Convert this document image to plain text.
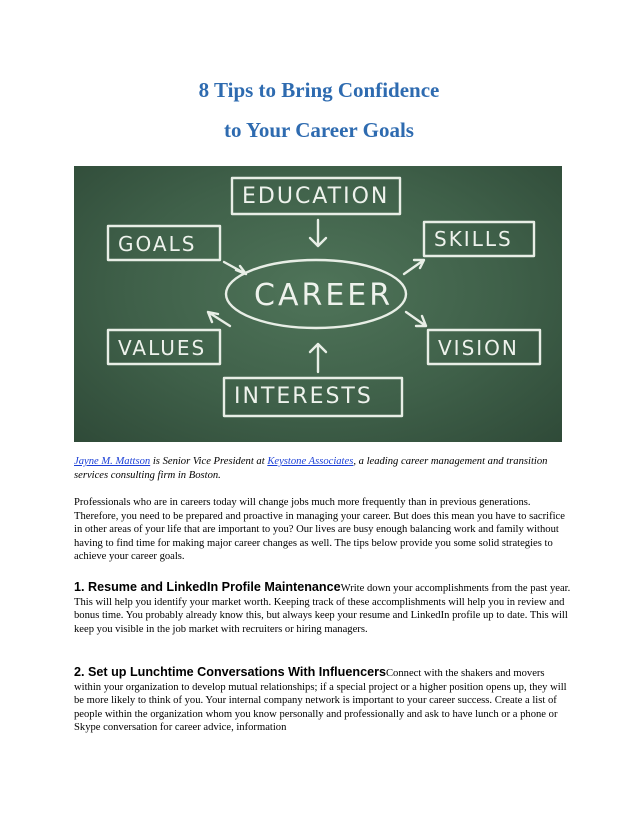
8 Tips to Bring Confidence
to Your Career Goals
EDUCATION
GOALS	SKILLS
CAREER
VALUES	VISION
INTERESTS
Jayne M. Mattson is Senior Vice President at Keystone Associates, a leading career management and transition services consulting firm in Boston.
Professionals who are in careers today will change jobs much more frequently than in previous generations. Therefore, you need to be prepared and proactive in managing your career. But does this mean you have to sacrifice in other areas of your life that are important to you? Our lives are busy enough balancing work and family without having to find time for making major career changes as well. The tips below provide you some solid strategies to achieve your career goals.
1. Resume and LinkedIn Profile MaintenanceWrite down your accomplishments from the past year. This will help you identify your market worth. Keeping track of these accomplishments will help you in review and bonus time. You probably already know this, but always keep your resume and LinkedIn profile up to date. This will keep you visible in the job market with recruiters or hiring managers.
2. Set up Lunchtime Conversations With InfluencersConnect with the shakers and movers within your organization to develop mutual relationships; if a special project or a higher position opens up, they will be more likely to think of you. Your internal company network is important to your career success. Create a list of people within the organization whom you know personally and professionally and ask to have lunch or a phone or Skype conversation for career advice, information
